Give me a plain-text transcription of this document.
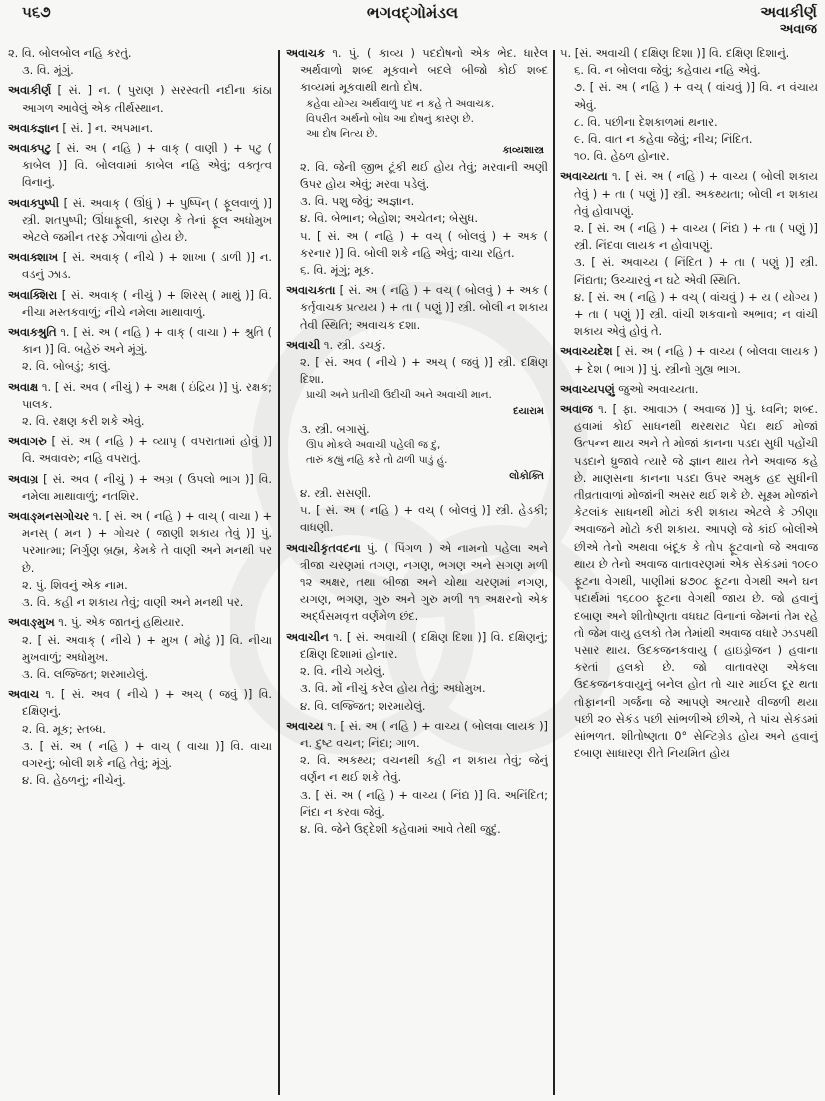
૫૬૭	ભગવદ્ગોમંડલ	અવાકીર્ણ
અવાજ
૨. વિ. બોલબોલ નહિ કરતું.
૩. વિ. મૂંગું.
અવાકીર્ણ [ સં. ] ન. ( પુરાણ ) સરસ્વતી નદીના કાંઠા આગળ આવેલું એક તીર્થસ્થાન.
અવાક્જ્ઞાન [ સં. ] ન. અપમાન.
અવાક્પટુ [ સં. અ ( નહિ ) + વાક્ ( વાણી ) + પટુ ( કાબેલ )] વિ. બોલવામાં કાબેલ નહિ એવું; વક્તૃત્વ વિનાનું.
અવાક્પુષ્પી [ સં. અવાક્ ( ઊંધું ) + પુષ્પિન્ ( ફૂલવાળું )] સ્ત્રી. શતપુષ્પી; ઊંધાફૂલી, કારણ કે તેનાં ફૂલ અધોમુખ એટલે જમીન તરફ ઝોંવાળાં હોય છે.
અવાક્શાખ [ સં. અવાક્ ( નીચે ) + શાખા ( ડાળી )] ન. વડનું ઝાડ.
અવાક્શિરા [ સં. અવાક્ ( નીચું ) + શિરસ્ ( માથું )] વિ. નીચા મસ્તકવાળું; નીચે નમેલા માથાવાળું.
અવાક્શ્રુતિ ૧. [ સં. અ ( નહિ ) + વાક્ ( વાચા ) + શ્રુતિ ( કાન )] વિ. બહેરું અને મૂંગું.
૨. વિ. બોબડું; કાલું.
અવાક્ષ ૧. [ સં. અવ ( નીચું ) + અક્ષ ( ઇંદ્રિય )] પું. રક્ષક; પાલક.
૨. વિ. રક્ષણ કરી શકે એવું.
અવાગરુ [ સં. અ ( નહિ ) + વ્યાપૃ ( વપરાતામાં હોવું )] વિ. અવાવરુ; નહિ વપરાતું.
અવાગ્ર [ સં. અવ ( નીચું ) + અગ્ર ( ઉપલો ભાગ )] વિ. નમેલા માથાવાળું; નતશિર.
અવાઙ્મનસગોચર ૧. [ સં. અ ( નહિ ) + વાચ્ ( વાચા ) + મનસ્ ( મન ) + ગોચર ( જાણી શકાય તેવું )] પું. પરમાત્મા; નિર્ગુણ બ્રહ્મ, કેમકે તે વાણી અને મનથી પર છે.
૨. પું. શિવનું એક નામ.
૩. વિ. કહી ન શકાય તેવું; વાણી અને મનથી પર.
અવાઙ્મુખ ૧. પું. એક જાતનું હથિયાર.
૨. [ સં. અવાક્ ( નીચે ) + મુખ ( મોઢું )] વિ. નીચા મુખવાળું; અધોમુખ.
૩. વિ. લજ્જિત; શરમાયેલું.
અવાચ ૧. [ સં. અવ ( નીચે ) + અચ્ ( જવું )] વિ. દક્ષિણનું.
૨. વિ. મૂક; સ્તબ્ધ.
૩. [ સં. અ ( નહિ ) + વાચ્ ( વાચા )] વિ. વાચા વગરનું; બોલી શકે નહિ તેવું; મૂંગું.
૪. વિ. હેઠળનું; નીચેનું.
અવાચક ૧. પું. ( કાવ્ય ) પદદોષનો એક ભેદ. ધારેલ અર્થવાળો શબ્દ મૂકવાને બદલે બીજો કોઈ શબ્દ કાવ્યમાં મૂકવાથી થતો દોષ.
કહેવા યોગ્ય અર્થવાળું પદ ન કહે તે અવાચક.
વિપરીત અર્થનો બોધ આ દોષનું કારણ છે.
આ દોષ નિત્ય છે.
કાવ્યશાસ્ત્ર
૨. વિ. જેની જીભ ટૂંકી થઈ હોય તેવું; મરવાની અણી ઉપર હોય એવું; મરવા પડેલું.
૩. વિ. પશુ જેવું; અજ્ઞાન.
૪. વિ. બેભાન; બેહોશ; અચેતન; બેસુધ.
૫. [ સં. અ ( નહિ ) + વચ્ ( બોલવું ) + અક ( કરનાર )] વિ. બોલી શકે નહિ એવું; વાચા રહિત.
૬. વિ. મૂંગું; મૂક.
અવાચકતા [ સં. અ ( નહિ ) + વચ્ ( બોલવું ) + અક ( કર્તૃવાચક પ્રત્યય ) + તા ( પણું )] સ્ત્રી. બોલી ન શકાય તેવી સ્થિતિ; અવાચક દશા.
અવાચી ૧. સ્ત્રી. ડચકું.
૨. [ સં. અવ ( નીચે ) + અચ્ ( જવું )] સ્ત્રી. દક્ષિણ દિશા.
પ્રાચી અને પ્રતીચી ઉદીચી અને અવાચી માન.
દયારામ
૩. સ્ત્રી. બગાસું.
ઊપ મોકલે અવાચી પહેલી જ દું,
તારું કહ્યું નહિ કરે તો ઢાળી પાડું હું.
લોકોક્તિ
૪. સ્ત્રી. સસણી.
૫. [ સં. અ ( નહિ ) + વચ્ ( બોલવું )] સ્ત્રી. હેડકી; વાધણી.
અવાચીકૃતવદના પું. ( પિંગળ ) એ નામનો પહેલા અને ત્રીજા ચરણમાં તગણ, નગણ, ભગણ અને સગણ મળી ૧૨ અક્ષર, તથા બીજા અને ચોથા ચરણમાં નગણ, યગણ, ભગણ, ગુરુ અને ગુરુ મળી ૧૧ અક્ષરનો એક અર્દ્ધસમવૃત્ત વર્ણમેળ છંદ.
અવાચીન ૧. [ સં. અવાચી ( દક્ષિણ દિશા )] વિ. દક્ષિણનું; દક્ષિણ દિશામાં હોનાર.
૨. વિ. નીચે ગયેલું.
૩. વિ. મોં નીચું કરેલ હોય તેવું; અધોમુખ.
૪. વિ. લજ્જિત; શરમાયેલું.
અવાચ્ય ૧. [ સં. અ ( નહિ ) + વાચ્ય ( બોલવા લાયક )] ન. દુષ્ટ વચન; નિંદા; ગાળ.
૨. વિ. અકથ્ય; વચનથી કહી ન શકાય તેવું; જેનું વર્ણન ન થઈ શકે તેવું.
૩. [ સં. અ ( નહિ ) + વાચ્ય ( નિંદ્ય )] વિ. અનિંદિત; નિંદા ન કરવા જેવું.
૪. વિ. જેને ઉદ્દેશી કહેવામાં આવે તેથી જુદું.
૫. [સં. અવાચી ( દક્ષિણ દિશા )] વિ. દક્ષિણ દિશાનું.
૬. વિ. ન બોલવા જેવું; કહેવાય નહિ એવું.
૭. [ સં. અ ( નહિ ) + વચ્ ( વાંચવું )] વિ. ન વંચાય એવું.
૮. વિ. પછીના દેશકાળમાં થનાર.
૯. વિ. વાત ન કહેવા જેવું; નીચ; નિંદિત.
૧૦. વિ. હેઠળ હોનાર.
અવાચ્યતા ૧. [ સં. અ ( નહિ ) + વાચ્ય ( બોલી શકાય તેવું ) + તા ( પણું )] સ્ત્રી. અકથ્યતા; બોલી ન શકાય તેવું હોવાપણું.
૨. [ સં. અ ( નહિ ) + વાચ્ય ( નિંદ્ય ) + તા ( પણું )] સ્ત્રી. નિંદવા લાયક ન હોવાપણું.
૩. [ સં. અવાચ્ય ( નિંદિત ) + તા ( પણું )] સ્ત્રી. નિંદ્યતા; ઉચ્ચારવું ન ઘટે એવી સ્થિતિ.
૪. [ સં. અ ( નહિ ) + વચ્ ( વાંચવું ) + ય ( યોગ્ય ) + તા ( પણું )] સ્ત્રી. વાંચી શકવાનો અભાવ; ન વાંચી શકાય એવું હોવું તે.
અવાચ્યદેશ [ સં. અ ( નહિ ) + વાચ્ય ( બોલવા લાયક ) + દેશ ( ભાગ )] પું. સ્ત્રીનો ગુહ્ય ભાગ.
અવાચ્યપણું જુઓ અવાચ્યતા.
અવાજ ૧. [ ફા. આવાઝ ( અવાજ )] પું. ધ્વનિ; શબ્દ. હવામાં કોઈ સાધનથી થરથરાટ પેદા થઈ મોજાં ઉત્પન્ન થાય અને તે મોજાં કાનના પડદા સુધી પહોંચી પડદાને ધ્રુજાવે ત્યારે જે જ્ઞાન થાય તેને અવાજ કહે છે. માણસના કાનના પડદા ઉપર અમુક હદ સુધીની તીવ્રતાવાળાં મોજાંની અસર થઈ શકે છે. સૂક્ષ્મ મોજાંને કેટલાંક સાધનથી મોટાં કરી શકાય એટલે કે ઝીણા અવાજને મોટો કરી શકાય. આપણે જે કાંઈ બોલીએ છીએ તેનો અથવા બંદૂક કે તોપ ફૂટવાનો જે અવાજ થાય છે તેનો અવાજ વાતાવરણમાં એક સેકંડમાં ૧૦૯૦ ફૂટના વેગથી, પાણીમાં ૪૭૦૮ ફૂટના વેગથી અને ઘન પદાર્થમાં ૧૬૮૦૦ ફૂટના વેગથી જાય છે. જો હવાનું દબાણ અને શીતોષ્ણતા વધઘટ વિનાનાં જેમનાં તેમ રહે તો જેમ વાયુ હલકો તેમ તેમાંથી અવાજ વધારે ઝડપથી પસાર થાય. ઉદકજનકવાયુ ( હાઇડ્રોજન ) હવાના કરતાં હલકો છે. જો વાતાવરણ એકલા ઉદકજનકવાયુનું બનેલ હોત તો ચાર માઈલ દૂર થતા તોફાનની ગર્જના જે આપણે અત્યારે વીજળી થયા પછી ૨૦ સેકંડ પછી સાંભળીએ છીએ, તે પાંચ સેકંડમાં સાંભળત. શીતોષ્ણતા 0° સેન્ટિગ્રેડ હોય અને હવાનું દબાણ સાધારણ રીતે નિયમિત હોય
